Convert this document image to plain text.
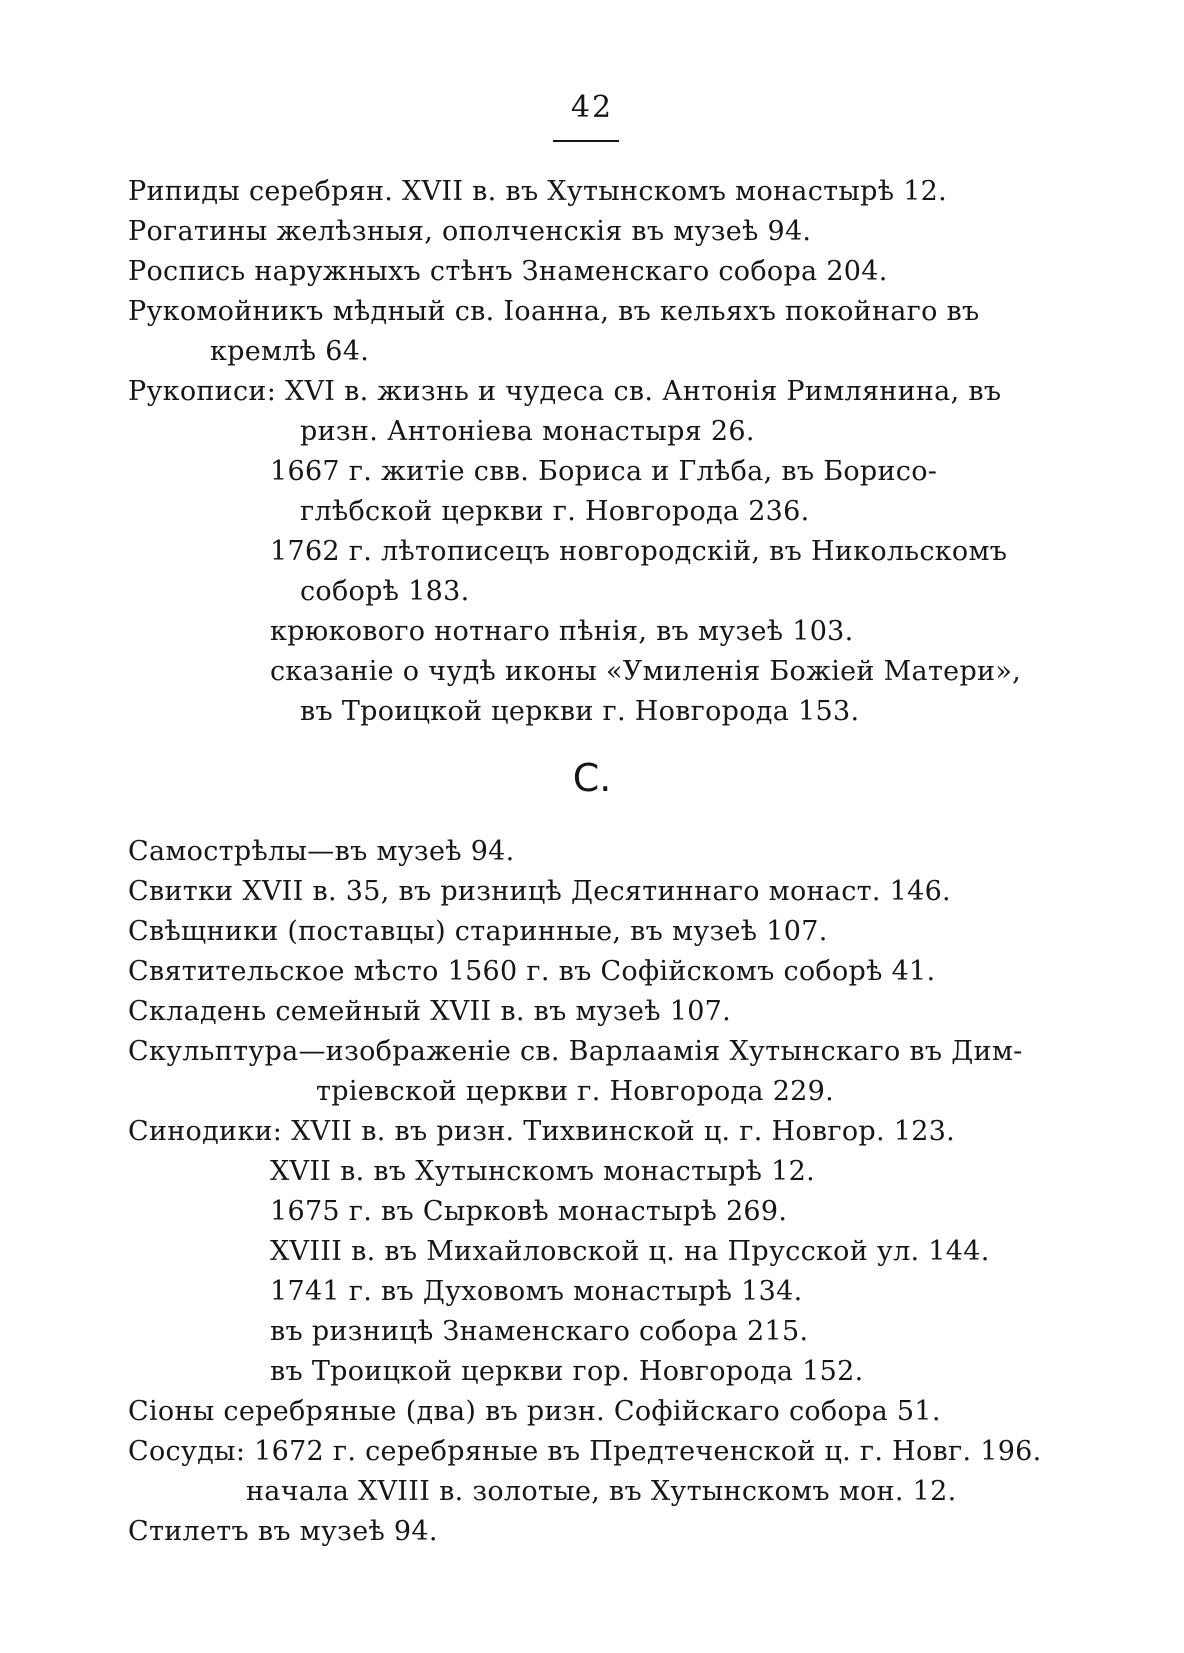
42
Рипиды серебрян. XVII в. въ Хутынскомъ монастырѣ 12.
Рогатины желѣзныя, ополченскія въ музеѣ 94.
Роспись наружныхъ стѣнъ Знаменскаго собора 204.
Рукомойникъ мѣдный св. Іоанна, въ кельяхъ покойнаго въ
кремлѣ 64.
Рукописи: XVI в. жизнь и чудеса св. Антонія Римлянина, въ
ризн. Антоніева монастыря 26.
1667 г. житіе свв. Бориса и Глѣба, въ Борисо-
глѣбской церкви г. Новгорода 236.
1762 г. лѣтописецъ новгородскій, въ Никольскомъ
соборѣ 183.
крюкового нотнаго пѣнія, въ музеѣ 103.
сказаніе о чудѣ иконы «Умиленія Божіей Матери»,
въ Троицкой церкви г. Новгорода 153.
С.
Самострѣлы—въ музеѣ 94.
Свитки XVII в. 35, въ ризницѣ Десятиннаго монаст. 146.
Свѣщники (поставцы) старинные, въ музеѣ 107.
Святительское мѣсто 1560 г. въ Софійскомъ соборѣ 41.
Складень семейный XVII в. въ музеѣ 107.
Скульптура—изображеніе св. Варлаамія Хутынскаго въ Дим-
тріевской церкви г. Новгорода 229.
Синодики: XVII в. въ ризн. Тихвинской ц. г. Новгор. 123.
XVII в. въ Хутынскомъ монастырѣ 12.
1675 г. въ Сырковѣ монастырѣ 269.
XVIII в. въ Михайловской ц. на Прусской ул. 144.
1741 г. въ Духовомъ монастырѣ 134.
въ ризницѣ Знаменскаго собора 215.
въ Троицкой церкви гор. Новгорода 152.
Сіоны серебряные (два) въ ризн. Софійскаго собора 51.
Сосуды: 1672 г. серебряные въ Предтеченской ц. г. Новг. 196.
начала XVIII в. золотые, въ Хутынскомъ мон. 12.
Стилетъ въ музеѣ 94.
